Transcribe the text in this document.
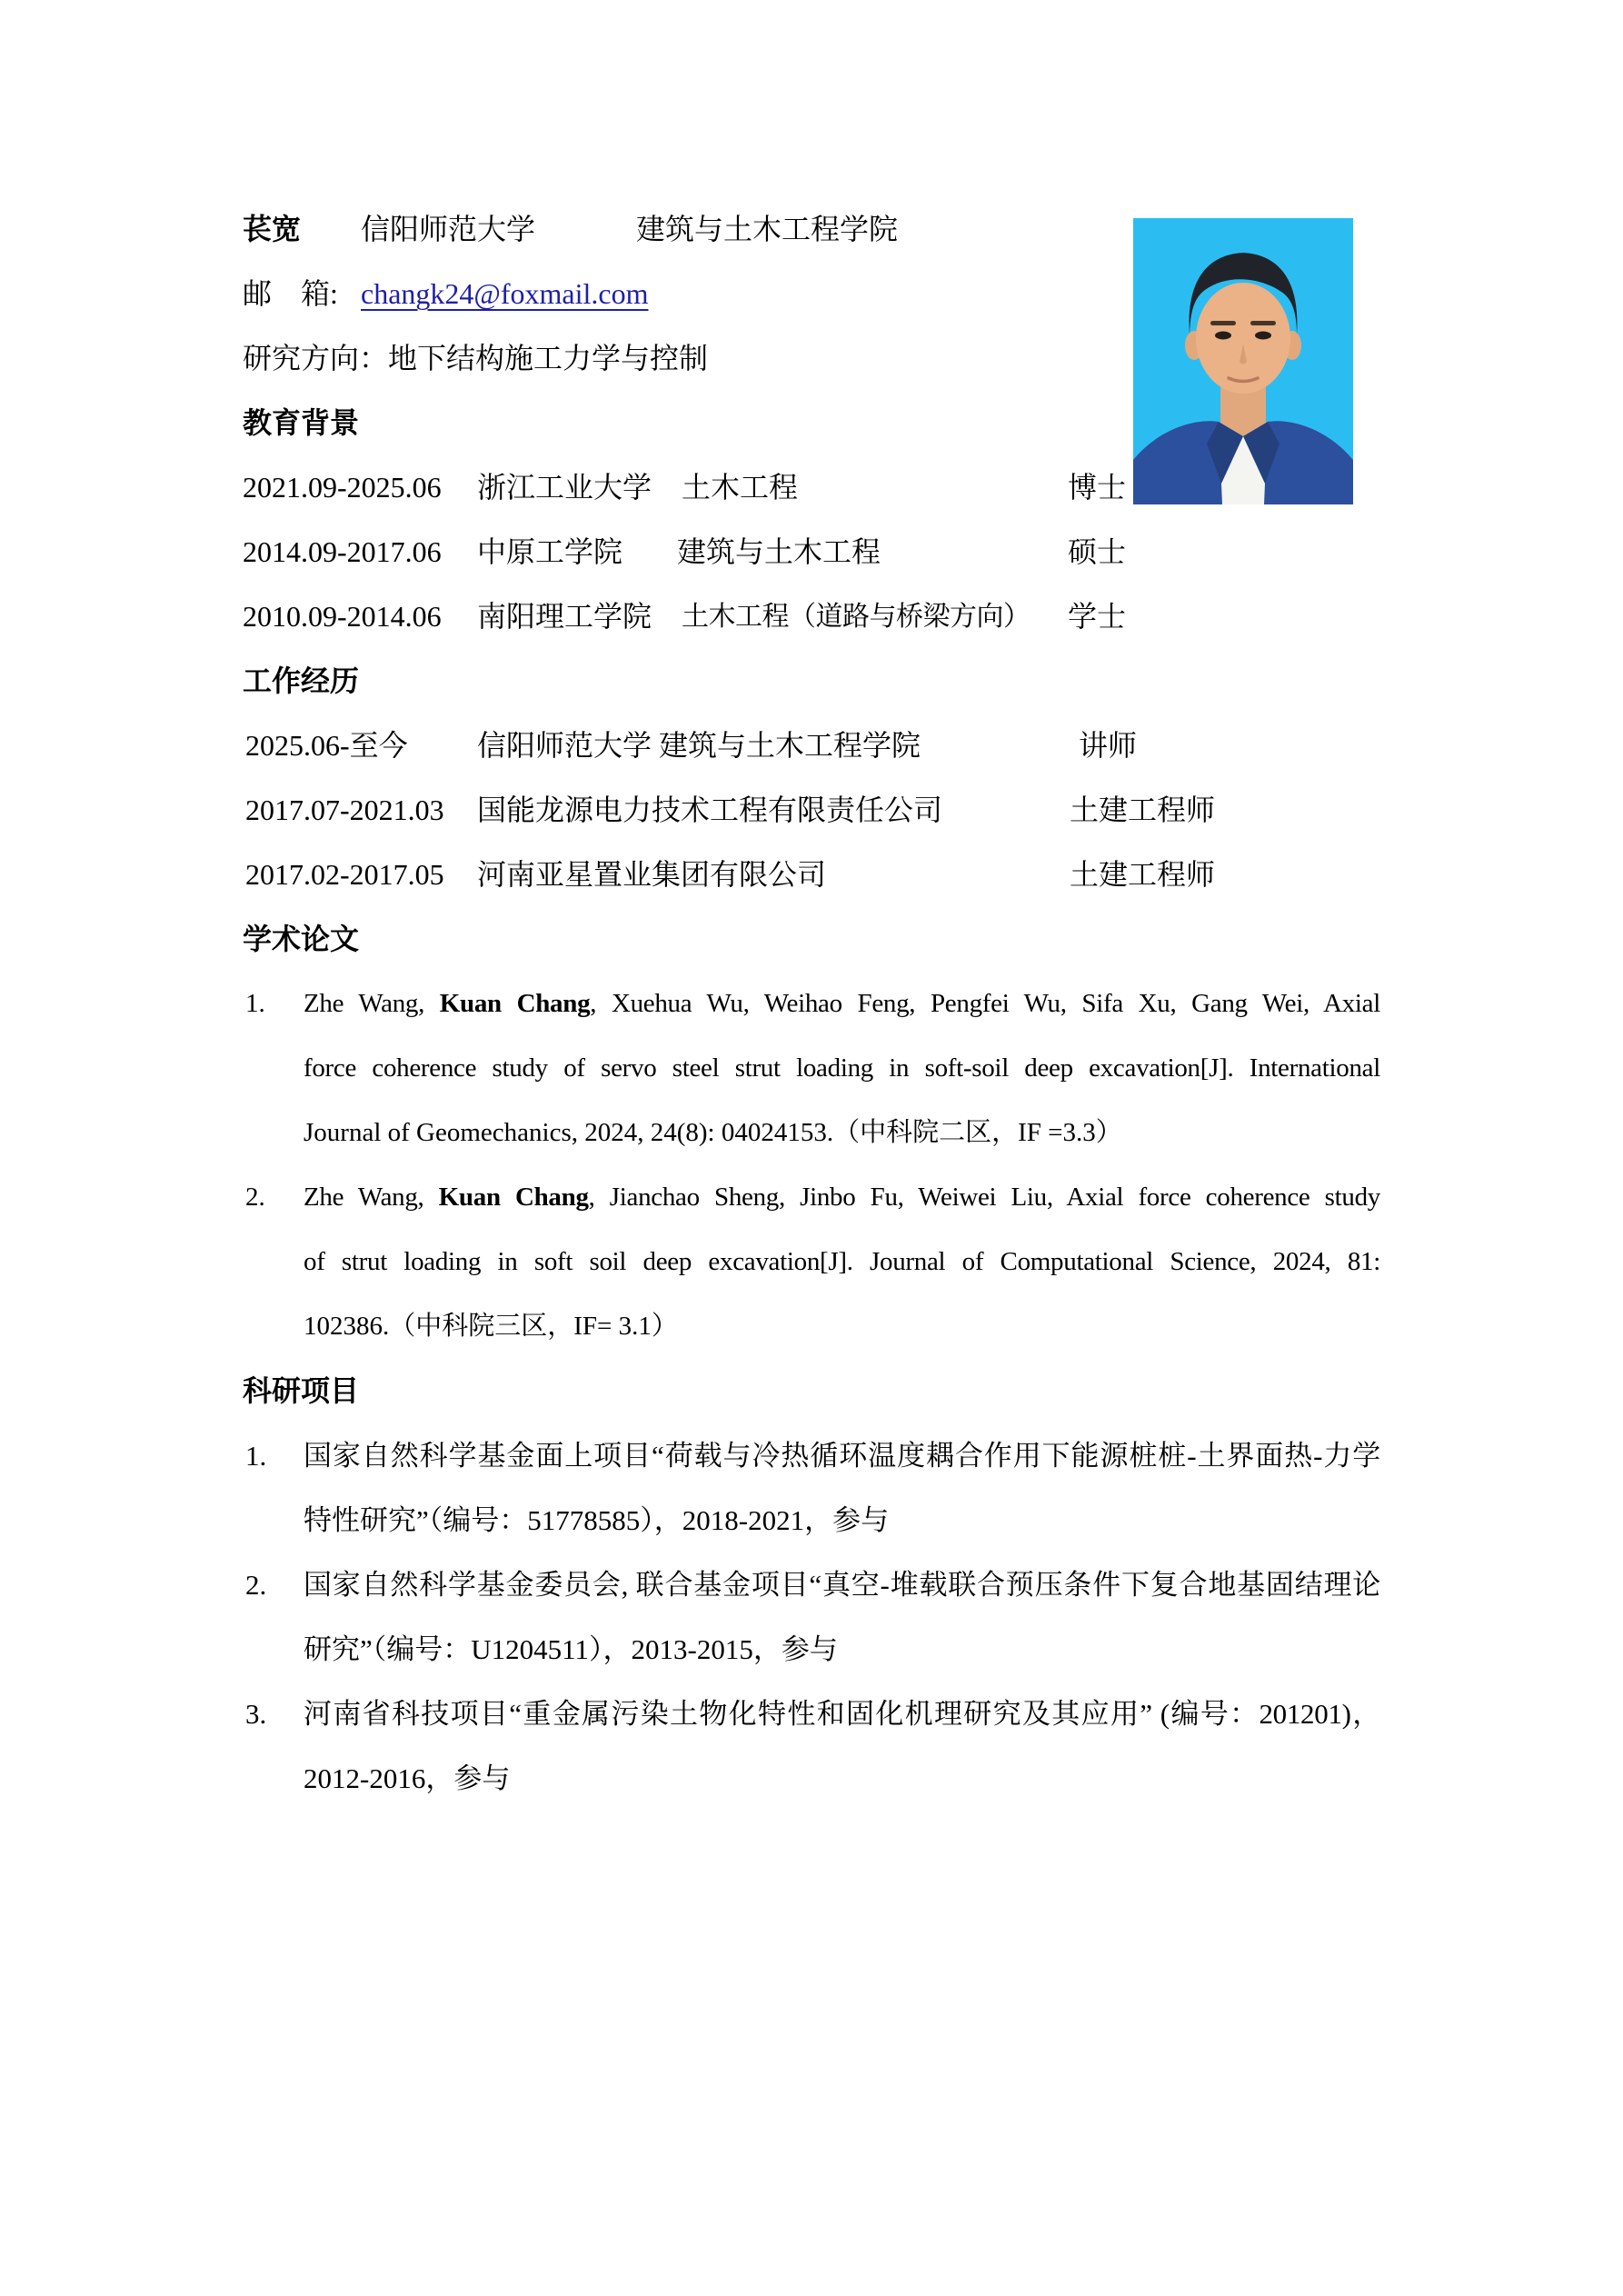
苌宽 信阳师范大学	建筑与土木工程学院
邮　箱: changk24@foxmail.com
研究方向：地下结构施工力学与控制
教育背景
2021.09-2025.06 浙江工业大学 土木工程	博士
2014.09-2017.06 中原工学院 建筑与土木工程	硕士
2010.09-2014.06 南阳理工学院 土木工程（道路与桥梁方向） 学士
工作经历
2025.06-至今 信阳师范大学 建筑与土木工程学院	讲师
2017.07-2021.03 国能龙源电力技术工程有限责任公司	土建工程师
2017.02-2017.05 河南亚星置业集团有限公司	土建工程师
学术论文
1. Zhe Wang, Kuan Chang, Xuehua Wu, Weihao Feng, Pengfei Wu, Sifa Xu, Gang Wei, Axial
force coherence study of servo steel strut loading in soft-soil deep excavation[J]. International
Journal of Geomechanics, 2024, 24(8): 04024153.（中科院二区，IF =3.3）
2. Zhe Wang, Kuan Chang, Jianchao Sheng, Jinbo Fu, Weiwei Liu, Axial force coherence study
of strut loading in soft soil deep excavation[J]. Journal of Computational Science, 2024, 81:
102386.（中科院三区，IF= 3.1）
科研项目
1. 国家自然科学基金面上项目“荷载与冷热循环温度耦合作用下能源桩桩-土界面热-力学
特性研究”（编号：51778585），2018-2021，参与
2. 国家自然科学基金委员会, 联合基金项目“真空-堆载联合预压条件下复合地基固结理论
研究”（编号：U1204511），2013-2015，参与
3. 河南省科技项目“重金属污染土物化特性和固化机理研究及其应用” (编号：201201)，
2012-2016，参与
